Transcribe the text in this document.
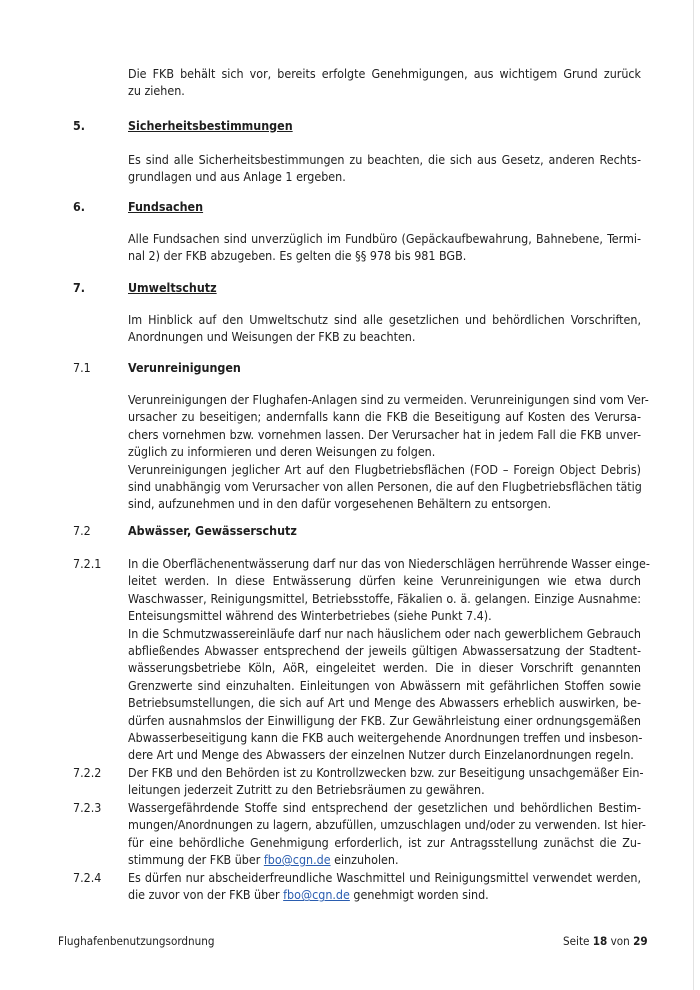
Die FKB behält sich vor, bereits erfolgte Genehmigungen, aus wichtigem Grund zurück
zu ziehen.

5.	Sicherheitsbestimmungen

Es sind alle Sicherheitsbestimmungen zu beachten, die sich aus Gesetz, anderen Rechts-
grundlagen und aus Anlage 1 ergeben.

6.	Fundsachen

Alle Fundsachen sind unverzüglich im Fundbüro (Gepäckaufbewahrung, Bahnebene, Termi-
nal 2) der FKB abzugeben. Es gelten die §§ 978 bis 981 BGB.

7.	Umweltschutz

Im Hinblick auf den Umweltschutz sind alle gesetzlichen und behördlichen Vorschriften,
Anordnungen und Weisungen der FKB zu beachten.

7.1	Verunreinigungen

Verunreinigungen der Flughafen-Anlagen sind zu vermeiden. Verunreinigungen sind vom Ver-
ursacher zu beseitigen; andernfalls kann die FKB die Beseitigung auf Kosten des Verursa-
chers vornehmen bzw. vornehmen lassen. Der Verursacher hat in jedem Fall die FKB unver-
züglich zu informieren und deren Weisungen zu folgen.
Verunreinigungen jeglicher Art auf den Flugbetriebsflächen (FOD – Foreign Object Debris)
sind unabhängig vom Verursacher von allen Personen, die auf den Flugbetriebsflächen tätig
sind, aufzunehmen und in den dafür vorgesehenen Behältern zu entsorgen.

7.2	Abwässer, Gewässerschutz
7.2.1 In die Oberflächenentwässerung darf nur das von Niederschlägen herrührende Wasser einge-
leitet werden. In diese Entwässerung dürfen keine Verunreinigungen wie etwa durch
Waschwasser, Reinigungsmittel, Betriebsstoffe, Fäkalien o. ä. gelangen. Einzige Ausnahme:
Enteisungsmittel während des Winterbetriebes (siehe Punkt 7.4).
In die Schmutzwassereinläufe darf nur nach häuslichem oder nach gewerblichem Gebrauch
abfließendes Abwasser entsprechend der jeweils gültigen Abwassersatzung der Stadtent-
wässerungsbetriebe Köln, AöR, eingeleitet werden. Die in dieser Vorschrift genannten
Grenzwerte sind einzuhalten. Einleitungen von Abwässern mit gefährlichen Stoffen sowie
Betriebsumstellungen, die sich auf Art und Menge des Abwassers erheblich auswirken, be-
dürfen ausnahmslos der Einwilligung der FKB. Zur Gewährleistung einer ordnungsgemäßen
Abwasserbeseitigung kann die FKB auch weitergehende Anordnungen treffen und insbeson-
dere Art und Menge des Abwassers der einzelnen Nutzer durch Einzelanordnungen regeln.

7.2.2 Der FKB und den Behörden ist zu Kontrollzwecken bzw. zur Beseitigung unsachgemäßer Ein-
leitungen jederzeit Zutritt zu den Betriebsräumen zu gewähren.

7.2.3 Wassergefährdende Stoffe sind entsprechend der gesetzlichen und behördlichen Bestim-
mungen/Anordnungen zu lagern, abzufüllen, umzuschlagen und/oder zu verwenden. Ist hier-
für eine behördliche Genehmigung erforderlich, ist zur Antragsstellung zunächst die Zu-
stimmung der FKB über fbo@cgn.de einzuholen.

7.2.4 Es dürfen nur abscheiderfreundliche Waschmittel und Reinigungsmittel verwendet werden,
die zuvor von der FKB über fbo@cgn.de genehmigt worden sind.

Flughafenbenutzungsordnung	Seite 18 von 29
